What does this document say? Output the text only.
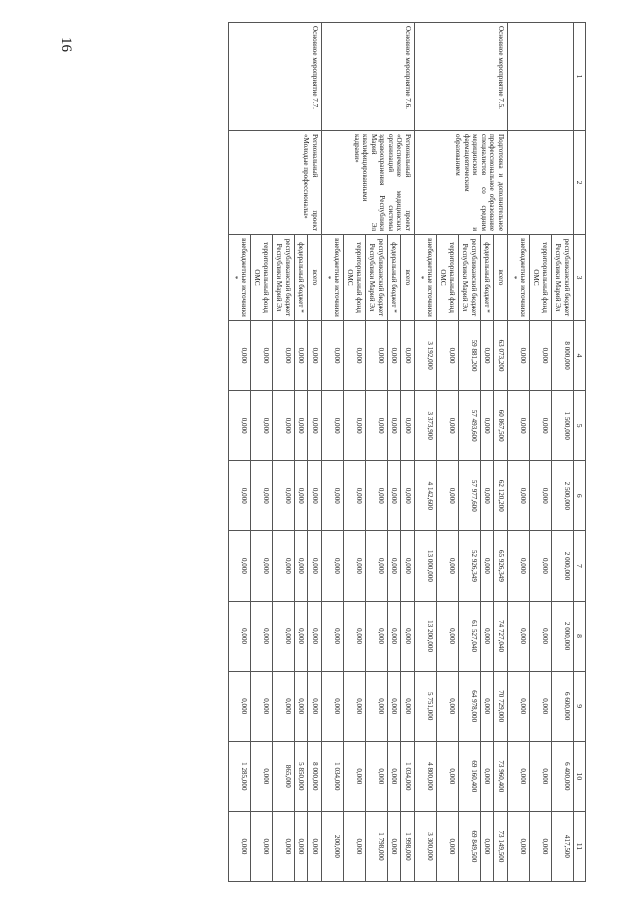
16
1	2	3	4	5	6	7	8	9	10	11
		республиканский бюджет Республики Марий Эл	8 000,000	1 500,000	2 500,000	2 000,000	2 000,000	6 600,000	6 400,000	417,500
		территориальный фонд ОМС	0,000	0,000	0,000	0,000	0,000	0,000	0,000	0,000
		внебюджетные источники *	0,000	0,000	0,000	0,000	0,000	0,000	0,000	0,000
Основное мероприятие 7.5.	Подготовка и дополнительное профессиональное образование специалистов со средним медицинским и фармацевтическим образованием	всего	63 073,200	60 867,500	62 120,200	65 926,349	74 727,040	70 729,000	73 960,400	73 149,500
		федеральный бюджет *	0,000	0,000	0,000	0,000	0,000	0,000	0,000	0,000
		республиканский бюджет Республики Марий Эл	59 881,200	57 493,600	57 977,600	52 926,349	61 527,040	64 978,000	69 160,400	69 849,500
		территориальный фонд ОМС	0,000	0,000	0,000	0,000	0,000	0,000	0,000	0,000
		внебюджетные источники *	3 192,000	3 373,900	4 142,600	13 000,000	13 200,000	5 751,000	4 800,000	3 300,000
Основное мероприятие 7.6.	Региональный проект «Обеспечение медицинских организаций системы здравоохранения Республики Марий Эл квалифицированными кадрами»	всего	0,000	0,000	0,000	0,000	0,000	0,000	1 034,000	1 998,000
		федеральный бюджет *	0,000	0,000	0,000	0,000	0,000	0,000	0,000	0,000
		республиканский бюджет Республики Марий Эл	0,000	0,000	0,000	0,000	0,000	0,000	0,000	1 798,000
		территориальный фонд ОМС	0,000	0,000	0,000	0,000	0,000	0,000	0,000	0,000
		внебюджетные источники *	0,000	0,000	0,000	0,000	0,000	0,000	1 034,000	200,000
Основное мероприятие 7.7.	Региональный проект «Молодые профессионалы»	всего	0,000	0,000	0,000	0,000	0,000	0,000	8 000,000	0,000
		федеральный бюджет *	0,000	0,000	0,000	0,000	0,000	0,000	5 850,000	0,000
		республиканский бюджет Республики Марий Эл	0,000	0,000	0,000	0,000	0,000	0,000	865,000	0,000
		территориальный фонд ОМС	0,000	0,000	0,000	0,000	0,000	0,000	0,000	0,000
		внебюджетные источники *	0,000	0,000	0,000	0,000	0,000	0,000	1 285,000	0,000
